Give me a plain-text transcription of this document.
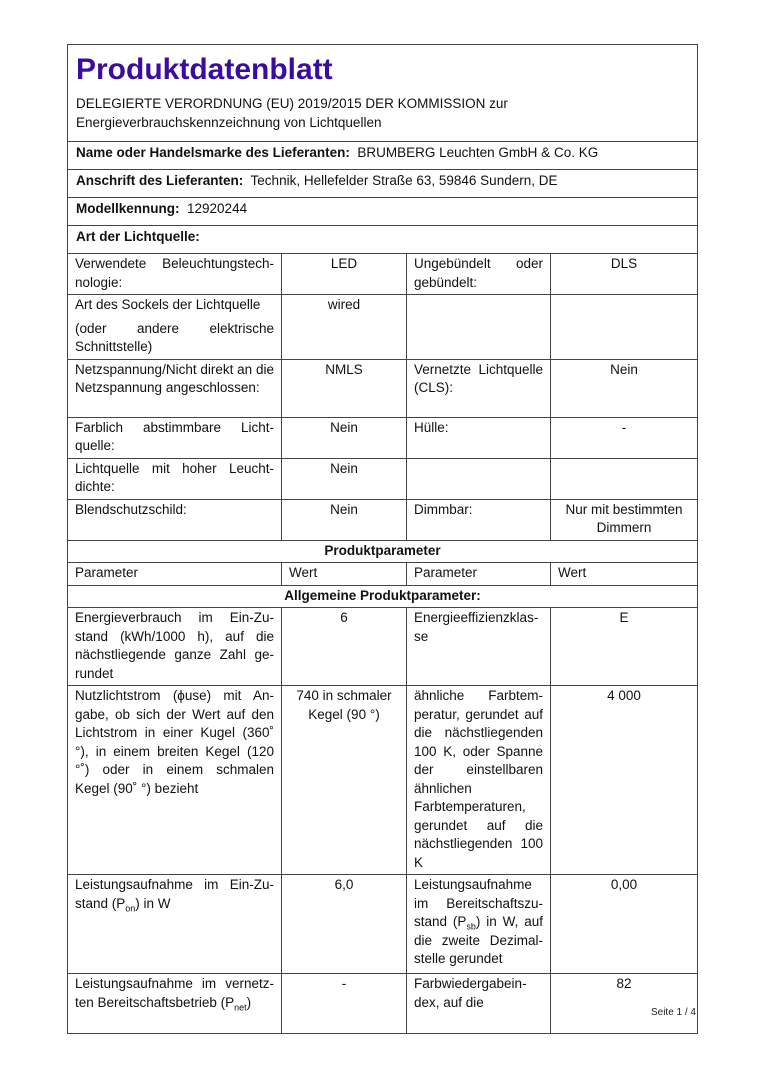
Produktdatenblatt
DELEGIERTE VERORDNUNG (EU) 2019/2015 DER KOMMISSION zur
Energieverbrauchskennzeichnung von Lichtquellen			

Name oder Handelsmarke des Lieferanten: BRUMBERG Leuchten GmbH & Co. KG			
Anschrift des Lieferanten: Technik, Hellefelder Straße 63, 59846 Sundern, DE			
Modellkennung: 12920244			
Art der Lichtquelle:			
Verwendete Beleuchtungstechnologie:	LED	Ungebündelt oder gebündelt:	DLS

Art des Sockels der Lichtquelle
(oder andere elektrische Schnittstelle)	wired		
Netzspannung/Nicht direkt an die Netzspannung angeschlossen:	NMLS	Vernetzte Lichtquelle (CLS):	Nein
Farblich abstimmbare Lichtquelle:	Nein	Hülle:	-
Lichtquelle mit hoher Leuchtdichte:	Nein		
Blendschutzschild:	Nein	Dimmbar:	Nur mit bestimmten Dimmern
Produktparameter			
Parameter	Wert	Parameter	Wert
Allgemeine Produktparameter:			
Energieverbrauch im Ein-Zustand (kWh/1000 h), auf die nächstliegende ganze Zahl gerundet	6	Energieeffizienzklasse	E
Nutzlichtstrom (ϕuse) mit Angabe, ob sich der Wert auf den Lichtstrom in einer Kugel (360˚ °), in einem breiten Kegel (120 °˚) oder in einem schmalen Kegel (90˚ °) bezieht	740 in schmaler Kegel (90 °)	ähnliche Farbtemperatur, gerundet auf die nächstliegenden 100 K, oder Spanne der einstellbaren ähnlichen Farbtemperaturen, gerundet auf die nächstliegenden 100 K	4 000
Leistungsaufnahme im Ein-Zustand $(P_{on})$ in W	6,0	Leistungsaufnahme im Bereitschaftszustand $(P_{sb})$ in W, auf die zweite Dezimalstelle gerundet	0,00
Leistungsaufnahme im vernetzten Bereitschaftsbetrieb $(P_{net})$	-	Farbwiedergabeindex, auf die	82
Seite 1 / 4
